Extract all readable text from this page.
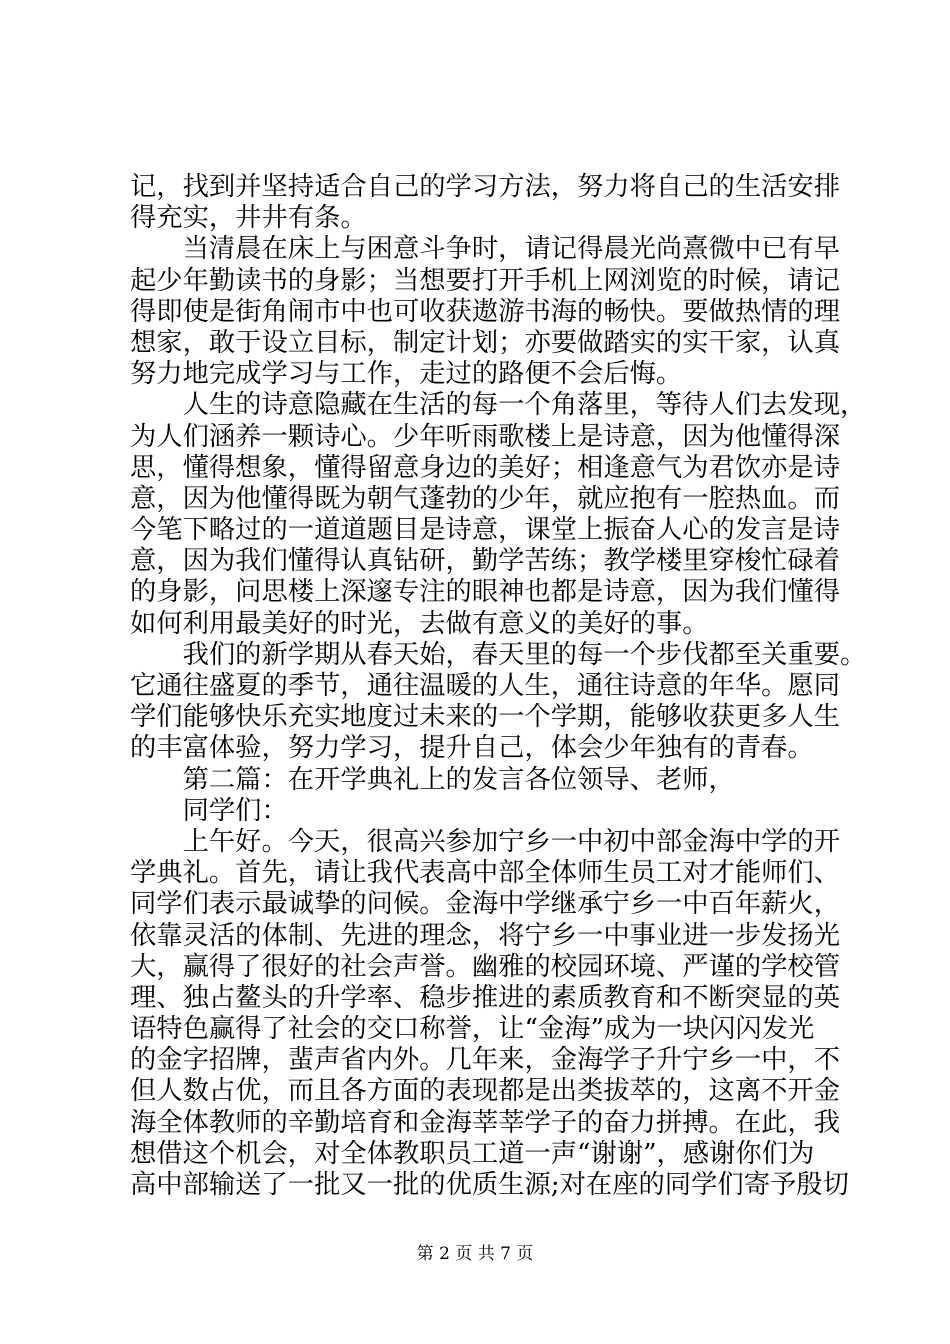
记，找到并坚持适合自己的学习方法，努力将自己的生活安排
得充实，井井有条。
　　当清晨在床上与困意斗争时，请记得晨光尚熹微中已有早
起少年勤读书的身影；当想要打开手机上网浏览的时候，请记
得即使是街角闹市中也可收获遨游书海的畅快。要做热情的理
想家，敢于设立目标，制定计划；亦要做踏实的实干家，认真
努力地完成学习与工作，走过的路便不会后悔。
　　人生的诗意隐藏在生活的每一个角落里，等待人们去发现，
为人们涵养一颗诗心。少年听雨歌楼上是诗意，因为他懂得深
思，懂得想象，懂得留意身边的美好；相逢意气为君饮亦是诗
意，因为他懂得既为朝气蓬勃的少年，就应抱有一腔热血。而
今笔下略过的一道道题目是诗意，课堂上振奋人心的发言是诗
意，因为我们懂得认真钻研，勤学苦练；教学楼里穿梭忙碌着
的身影，问思楼上深邃专注的眼神也都是诗意，因为我们懂得
如何利用最美好的时光，去做有意义的美好的事。
　　我们的新学期从春天始，春天里的每一个步伐都至关重要。
它通往盛夏的季节，通往温暖的人生，通往诗意的年华。愿同
学们能够快乐充实地度过未来的一个学期，能够收获更多人生
的丰富体验，努力学习，提升自己，体会少年独有的青春。
　　第二篇：在开学典礼上的发言各位领导、老师，
　　同学们：
　　上午好。今天，很高兴参加宁乡一中初中部金海中学的开
学典礼。首先，请让我代表高中部全体师生员工对才能师们、
同学们表示最诚挚的问候。金海中学继承宁乡一中百年薪火，
依靠灵活的体制、先进的理念，将宁乡一中事业进一步发扬光
大，赢得了很好的社会声誉。幽雅的校园环境、严谨的学校管
理、独占鳌头的升学率、稳步推进的素质教育和不断突显的英
语特色赢得了社会的交口称誉，让“金海”成为一块闪闪发光
的金字招牌，蜚声省内外。几年来，金海学子升宁乡一中，不
但人数占优，而且各方面的表现都是出类拔萃的，这离不开金
海全体教师的辛勤培育和金海莘莘学子的奋力拼搏。在此，我
想借这个机会，对全体教职员工道一声“谢谢”，感谢你们为
高中部输送了一批又一批的优质生源;对在座的同学们寄予殷切
第 2 页 共 7 页
